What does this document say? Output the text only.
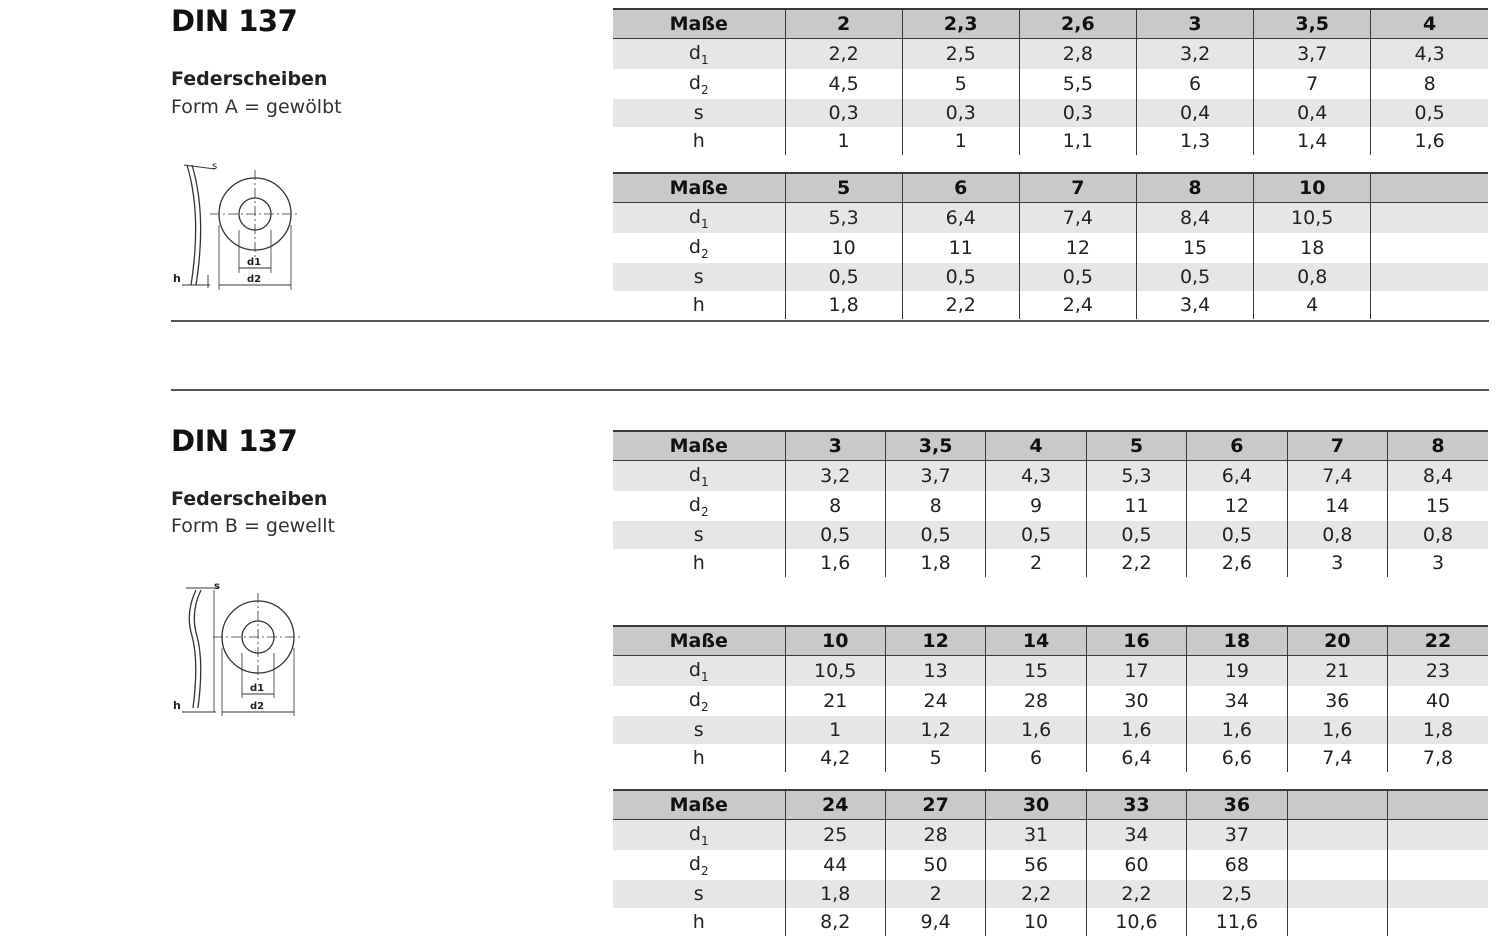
DIN 137
Federscheiben
Form A = gewölbt
s
h
d1
d2
Maße	2	2,3	2,6	3	3,5	4
$d_1$	2,2	2,5	2,8	3,2	3,7	4,3
$d_2$	4,5	5	5,5	6	7	8
s	0,3	0,3	0,3	0,4	0,4	0,5
h	1	1	1,1	1,3	1,4	1,6
Maße	5	6	7	8	10	
$d_1$	5,3	6,4	7,4	8,4	10,5	
$d_2$	10	11	12	15	18	
s	0,5	0,5	0,5	0,5	0,8	
h	1,8	2,2	2,4	3,4	4	
DIN 137
Federscheiben
Form B = gewellt
s
h
d1
d2
Maße	3	3,5	4	5	6	7	8
$d_1$	3,2	3,7	4,3	5,3	6,4	7,4	8,4
$d_2$	8	8	9	11	12	14	15
s	0,5	0,5	0,5	0,5	0,5	0,8	0,8
h	1,6	1,8	2	2,2	2,6	3	3
Maße	10	12	14	16	18	20	22
$d_1$	10,5	13	15	17	19	21	23
$d_2$	21	24	28	30	34	36	40
s	1	1,2	1,6	1,6	1,6	1,6	1,8
h	4,2	5	6	6,4	6,6	7,4	7,8
Maße	24	27	30	33	36		
$d_1$	25	28	31	34	37		
$d_2$	44	50	56	60	68		
s	1,8	2	2,2	2,2	2,5		
h	8,2	9,4	10	10,6	11,6		
